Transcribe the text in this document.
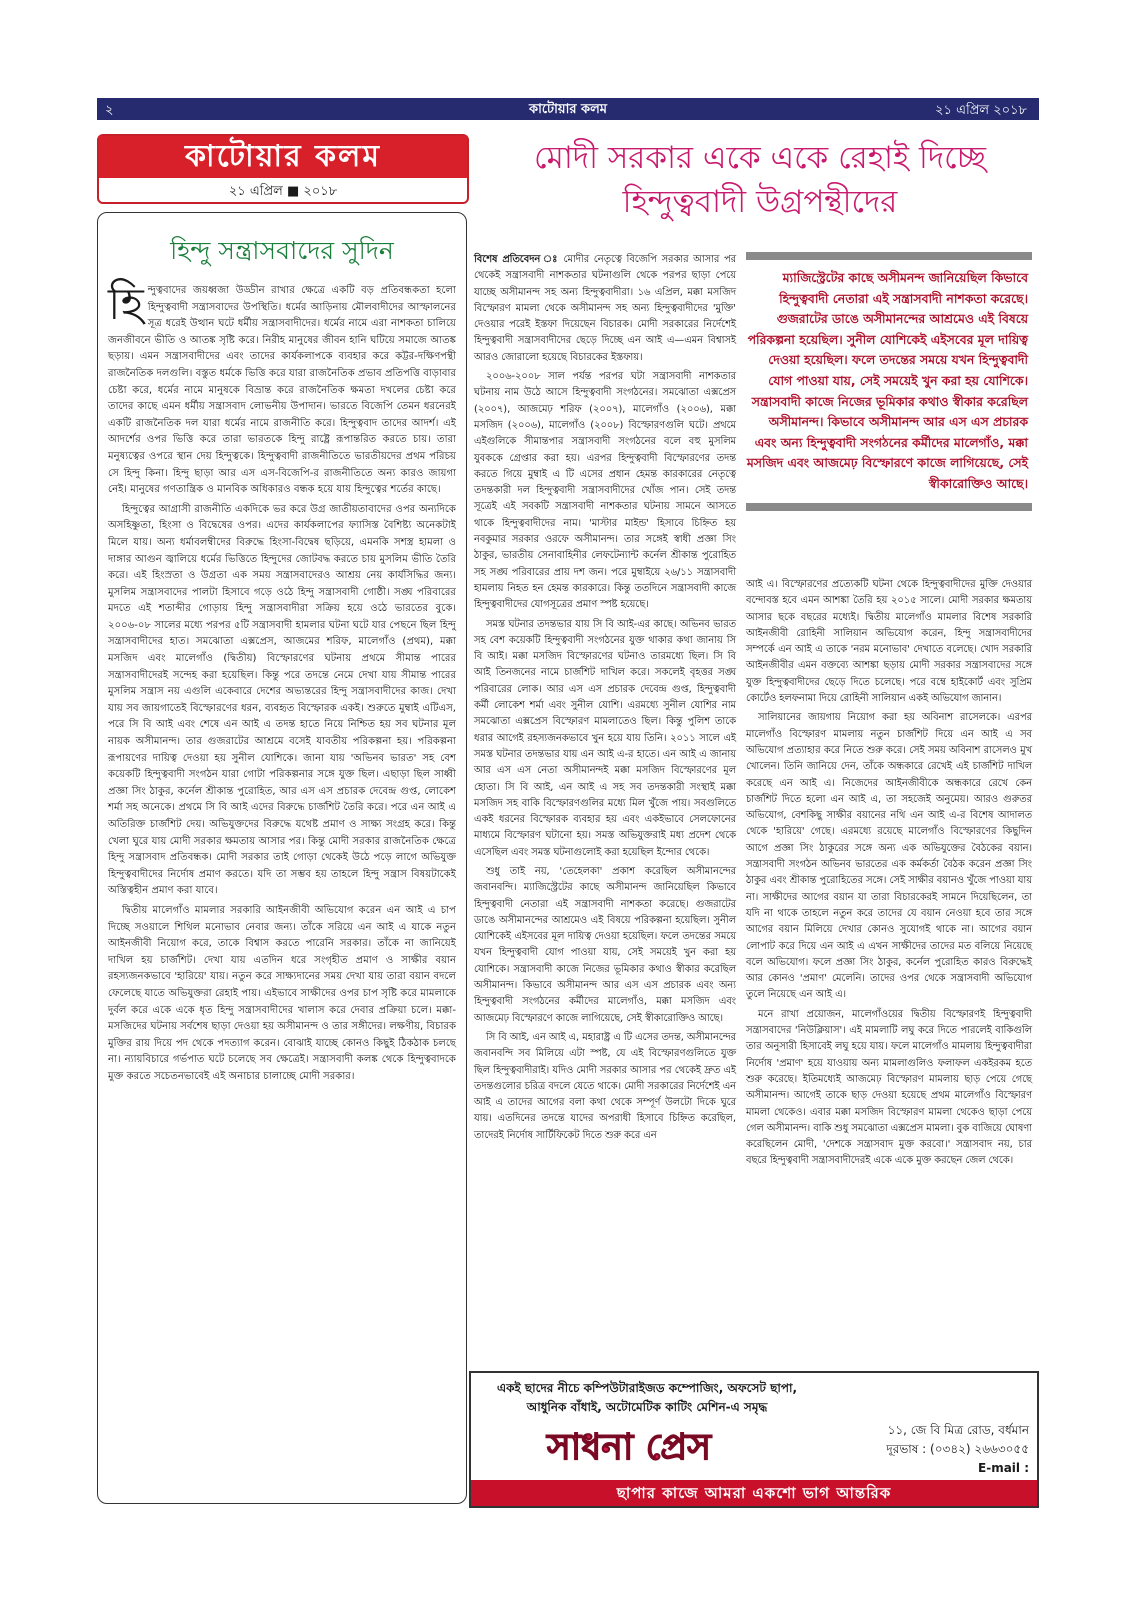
২	কাটোয়ার কলম	২১ এপ্রিল ২০১৮
কাটোয়ার কলম
২১ এপ্রিল ■ ২০১৮
হিন্দু সন্ত্রাসবাদের সুদিন

হিন্দুত্ববাদের জয়ধ্বজা উড্ডীন রাখার ক্ষেত্রে একটি বড় প্রতিবন্ধকতা হলো হিন্দুত্ববাদী সন্ত্রাসবাদের উপস্থিতি। ধর্মের আড়িনায় মৌলবাদীদের আস্ফালনের সূত্র ধরেই উত্থান ঘটে ধর্মীয় সন্ত্রাসবাদীদের। ধর্মের নামে এরা নাশকতা চালিয়ে জনজীবনে ভীতি ও আতঙ্ক সৃষ্টি করে। নিরীহ মানুষের জীবন হানি ঘটিয়ে সমাজে আতঙ্ক ছড়ায়। এমন সন্ত্রাসবাদীদের এবং তাদের কার্যকলাপকে ব্যবহার করে কট্টর-দক্ষিণপন্থী রাজনৈতিক দলগুলি। বস্তুত ধর্মকে ভিত্তি করে যারা রাজনৈতিক প্রভাব প্রতিপত্তি বাড়াবার চেষ্টা করে, ধর্মের নামে মানুষকে বিভ্রান্ত করে রাজনৈতিক ক্ষমতা দখলের চেষ্টা করে তাদের কাছে এমন ধর্মীয় সন্ত্রাসবাদ লোভনীয় উপাদান। ভারতে বিজেপি তেমন ধরনেরই একটি রাজনৈতিক দল যারা ধর্মের নামে রাজনীতি করে। হিন্দুত্ববাদ তাদের আদর্শ। এই আদর্শের ওপর ভিত্তি করে তারা ভারতকে হিন্দু রাষ্ট্রে রূপান্তরিত করতে চায়। তারা মনুষ্যত্বের ওপরে স্থান দেয় হিন্দুত্বকে। হিন্দুত্ববাদী রাজনীতিতে ভারতীয়দের প্রথম পরিচয় সে হিন্দু কিনা। হিন্দু ছাড়া আর এস এস-বিজেপি-র রাজনীতিতে অন্য কারও জায়গা নেই। মানুষের গণতান্ত্রিক ও মানবিক অধিকারও বন্ধক হয়ে যায় হিন্দুত্বের শর্তের কাছে।

হিন্দুত্বের আগ্রাসী রাজনীতি একদিকে ভর করে উগ্র জাতীয়তাবাদের ওপর অন্যদিকে অসহিষ্ণুতা, হিংসা ও বিদ্বেষের ওপর। এদের কার্যকলাপের ফ্যাসিস্ত বৈশিষ্ট্য অনেকটাই মিলে যায়। অন্য ধর্মাবলম্বীদের বিরুদ্ধে হিংসা-বিদ্বেষ ছড়িয়ে, এমনকি সশস্ত্র হামলা ও দাঙ্গার আগুন জ্বালিয়ে ধর্মের ভিত্তিতে হিন্দুদের জোটবদ্ধ করতে চায় মুসলিম ভীতি তৈরি করে। এই হিংস্রতা ও উগ্রতা এক সময় সন্ত্রাসবাদেরও আশ্রয় নেয় কার্যসিদ্ধির জন্য। মুসলিম সন্ত্রাসবাদের পালটা হিসাবে গড়ে ওঠে হিন্দু সন্ত্রাসবাদী গোষ্ঠী। সঙ্ঘ পরিবারের মদতে এই শতাব্দীর গোড়ায় হিন্দু সন্ত্রাসবাদীরা সক্রিয় হয়ে ওঠে ভারতের বুকে। ২০০৬-০৮ সালের মধ্যে পরপর ৫টি সন্ত্রাসবাদী হামলার ঘটনা ঘটে যার পেছনে ছিল হিন্দু সন্ত্রাসবাদীদের হাত। সমঝোতা এক্সপ্রেস, আজমের শরিফ, মালেগাঁও (প্রথম), মক্কা মসজিদ এবং মালেগাঁও (দ্বিতীয়) বিস্ফোরণের ঘটনায় প্রথমে সীমান্ত পারের সন্ত্রাসবাদীদেরই সন্দেহ করা হয়েছিল। কিন্তু পরে তদন্তে নেমে দেখা যায় সীমান্ত পারের মুসলিম সন্ত্রাস নয় এগুলি একেবারে দেশের অভ্যন্তরের হিন্দু সন্ত্রাসবাদীদের কাজ। দেখা যায় সব জায়গাতেই বিস্ফোরণের ধরন, ব্যবহৃত বিস্ফোরক একই। শুরুতে মুম্বাই এটিএস, পরে সি বি আই এবং শেষে এন আই এ তদন্ত হাতে নিয়ে নিশ্চিত হয় সব ঘটনার মূল নায়ক অসীমানন্দ। তার গুজরাটের আশ্রমে বসেই যাবতীয় পরিকল্পনা হয়। পরিকল্পনা রূপায়ণের দায়িত্ব দেওয়া হয় সুনীল যোশিকে। জানা যায় 'অভিনব ভারত' সহ বেশ কয়েকটি হিন্দুত্ববাদী সংগঠন যারা গোটা পরিকল্পনার সঙ্গে যুক্ত ছিল। এছাড়া ছিল সাধ্বী প্রজ্ঞা সিং ঠাকুর, কর্নেল শ্রীকান্ত পুরোহিত, আর এস এস প্রচারক দেবেন্দ্র গুপ্ত, লোকেশ শর্মা সহ অনেকে। প্রথমে সি বি আই এদের বিরুদ্ধে চার্জশিট তৈরি করে। পরে এন আই এ অতিরিক্ত চার্জশিট দেয়। অভিযুক্তদের বিরুদ্ধে যথেষ্ট প্রমাণ ও সাক্ষ্য সংগ্রহ করে। কিন্তু খেলা ঘুরে যায় মোদী সরকার ক্ষমতায় আসার পর। কিন্তু মোদী সরকার রাজনৈতিক ক্ষেত্রে হিন্দু সন্ত্রাসবাদ প্রতিবন্ধক। মোদী সরকার তাই গোড়া থেকেই উঠে পড়ে লাগে অভিযুক্ত হিন্দুত্ববাদীদের নির্দোষ প্রমাণ করতে। যদি তা সম্ভব হয় তাহলে হিন্দু সন্ত্রাস বিষয়টাকেই অস্তিত্বহীন প্রমাণ করা যাবে।

দ্বিতীয় মালেগাঁও মামলার সরকারি আইনজীবী অভিযোগ করেন এন আই এ চাপ দিচ্ছে সওয়ালে শিথিল মনোভাব নেবার জন্য। তাঁকে সরিয়ে এন আই এ যাকে নতুন আইনজীবী নিয়োগ করে, তাকে বিশ্বাস করতে পারেনি সরকার। তাঁকে না জানিয়েই দাখিল হয় চার্জশিট। দেখা যায় এতদিন ধরে সংগৃহীত প্রমাণ ও সাক্ষীর বয়ান রহস্যজনকভাবে 'হারিয়ে' যায়। নতুন করে সাক্ষ্যদানের সময় দেখা যায় তারা বয়ান বদলে ফেলেছে যাতে অভিযুক্তরা রেহাই পায়। এইভাবে সাক্ষীদের ওপর চাপ সৃষ্টি করে মামলাকে দুর্বল করে একে একে ধৃত হিন্দু সন্ত্রাসবাদীদের খালাস করে দেবার প্রক্রিয়া চলে। মক্কা-মসজিদের ঘটনায় সর্বশেষ ছাড়া দেওয়া হয় অসীমানন্দ ও তার সঙ্গীদের। লক্ষণীয়, বিচারক মুক্তির রায় দিয়ে পদ থেকে পদত্যাগ করেন। বোঝাই যাচ্ছে কোনও কিছুই ঠিকঠাক চলছে না। ন্যায়বিচারে গর্ভপাত ঘটে চলেছে সব ক্ষেত্রেই। সন্ত্রাসবাদী কলঙ্ক থেকে হিন্দুত্ববাদকে মুক্ত করতে সচেতনভাবেই এই অনাচার চালাচ্ছে মোদী সরকার।

মোদী সরকার একে একে রেহাই দিচ্ছে
হিন্দুত্ববাদী উগ্রপন্থীদের

বিশেষ প্রতিবেদন ঃ মোদীর নেতৃত্বে বিজেপি সরকার আসার পর থেকেই সন্ত্রাসবাদী নাশকতার ঘটনাগুলি থেকে পরপর ছাড়া পেয়ে যাচ্ছে অসীমানন্দ সহ অন্য হিন্দুত্ববাদীরা। ১৬ এপ্রিল, মক্কা মসজিদ বিস্ফোরণ মামলা থেকে অসীমানন্দ সহ অন্য হিন্দুত্ববাদীদের 'মুক্তি' দেওয়ার পরেই ইস্তফা দিয়েছেন বিচারক। মোদী সরকারের নির্দেশেই হিন্দুত্ববাদী সন্ত্রাসবাদীদের ছেড়ে দিচ্ছে এন আই এ—এমন বিশ্বাসই আরও জোরালো হয়েছে বিচারকের ইস্তফায়।

২০০৬-২০০৮ সাল পর্যন্ত পরপর ঘটা সন্ত্রাসবাদী নাশকতার ঘটনায় নাম উঠে আসে হিন্দুত্ববাদী সংগঠনের। সমঝোতা এক্সপ্রেস (২০০৭), আজমেঢ় শরিফ (২০০৭), মালেগাঁও (২০০৬), মক্কা মসজিদ (২০০৬), মালেগাঁও (২০০৮) বিস্ফোরণগুলি ঘটে। প্রথমে এইগুলিকে সীমান্তপার সন্ত্রাসবাদী সংগঠনের বলে বহু মুসলিম যুবককে গ্রেপ্তার করা হয়। এরপর হিন্দুত্ববাদী বিস্ফোরণের তদন্ত করতে গিয়ে মুম্বাই এ টি এসের প্রধান হেমন্ত কারকারের নেতৃত্বে তদন্তকারী দল হিন্দুত্ববাদী সন্ত্রাসবাদীদের খোঁজ পান। সেই তদন্ত সূত্রেই এই সবকটি সন্ত্রাসবাদী নাশকতার ঘটনায় সামনে আসতে থাকে হিন্দুত্ববাদীদের নাম। 'মাস্টার মাইন্ড' হিসাবে চিহ্নিত হয় নবকুমার সরকার ওরফে অসীমানন্দ। তার সঙ্গেই স্বাধী প্রজ্ঞা সিং ঠাকুর, ভারতীয় সেনাবাহিনীর লেফটেন্যান্ট কর্নেল শ্রীকান্ত পুরোহিত সহ সঙ্ঘ পরিবারের প্রায় দশ জন। পরে মুম্বাইয়ে ২৬/১১ সন্ত্রাসবাদী হামলায় নিহত হন হেমন্ত কারকারে। কিন্তু ততদিনে সন্ত্রাসবাদী কাজে হিন্দুত্ববাদীদের যোগসূত্রের প্রমাণ স্পষ্ট হয়েছে।

সমস্ত ঘটনার তদন্তভার যায় সি বি আই-এর কাছে। অভিনব ভারত সহ বেশ কয়েকটি হিন্দুত্ববাদী সংগঠনের যুক্ত থাকার কথা জানায় সি বি আই। মক্কা মসজিদ বিস্ফোরণের ঘটনাও তারমধ্যে ছিল। সি বি আই তিনজনের নামে চার্জশিট দাখিল করে। সকলেই বৃহত্তর সঙ্ঘ পরিবারের লোক। আর এস এস প্রচারক দেবেন্দ্র গুপ্ত, হিন্দুত্ববাদী কর্মী লোকেশ শর্মা এবং সুনীল যোশি। এরমধ্যে সুনীল যোশির নাম সমঝোতা এক্সপ্রেস বিস্ফোরণ মামলাতেও ছিল। কিন্তু পুলিশ তাকে ধরার আগেই রহস্যজনকভাবে খুন হয়ে যায় তিনি। ২০১১ সালে এই সমস্ত ঘটনার তদন্তভার যায় এন আই এ-র হাতে। এন আই এ জানায় আর এস এস নেতা অসীমানন্দই মক্কা মসজিদ বিস্ফোরণের মূল হোতা। সি বি আই, এন আই এ সহ সব তদন্তকারী সংস্থাই মক্কা মসজিদ সহ বাকি বিস্ফোরণগুলির মধ্যে মিল খুঁজে পায়। সবগুলিতে একই ধরনের বিস্ফোরক ব্যবহার হয় এবং একইভাবে সেলফোনের মাধ্যমে বিস্ফোরণ ঘটানো হয়। সমস্ত অভিযুক্তরাই মধ্য প্রদেশ থেকে এসেছিল এবং সমস্ত ঘটনাগুলোই করা হয়েছিল ইন্দোর থেকে।

শুধু তাই নয়, 'তেহেলকা' প্রকাশ করেছিল অসীমানন্দের জবানবন্দি। ম্যাজিস্ট্রেটের কাছে অসীমানন্দ জানিয়েছিল কিভাবে হিন্দুত্ববাদী নেতারা এই সন্ত্রাসবাদী নাশকতা করেছে। গুজরাটের ডাঙে অসীমানন্দের আশ্রমেও এই বিষয়ে পরিকল্পনা হয়েছিল। সুনীল যোশিকেই এইসবের মূল দায়িত্ব দেওয়া হয়েছিল। ফলে তদন্তের সময়ে যখন হিন্দুত্ববাদী যোগ পাওয়া যায়, সেই সময়েই খুন করা হয় যোশিকে। সন্ত্রাসবাদী কাজে নিজের ভূমিকার কথাও স্বীকার করেছিল অসীমানন্দ। কিভাবে অসীমানন্দ আর এস এস প্রচারক এবং অন্য হিন্দুত্ববাদী সংগঠনের কর্মীদের মালেগাঁও, মক্কা মসজিদ এবং আজমেঢ় বিস্ফোরণে কাজে লাগিয়েছে, সেই স্বীকারোক্তিও আছে।

সি বি আই, এন আই এ, মহারাষ্ট্র এ টি এসের তদন্ত, অসীমানন্দের জবানবন্দি সব মিলিয়ে এটা স্পষ্ট, যে এই বিস্ফোরণগুলিতে যুক্ত ছিল হিন্দুত্ববাদীরাই। যদিও মোদী সরকার আসার পর থেকেই দ্রুত এই তদন্তগুলোর চরিত্র বদলে যেতে থাকে। মোদী সরকারের নির্দেশেই এন আই এ তাদের আগের বলা কথা থেকে সম্পূর্ণ উলটো দিকে ঘুরে যায়। এতদিনের তদন্তে যাদের অপরাধী হিসাবে চিহ্নিত করেছিল, তাদেরই নির্দোষ সার্টিফিকেট দিতে শুরু করে এন

ম্যাজিস্ট্রেটের কাছে অসীমনন্দ জানিয়েছিল কিভাবে হিন্দুত্ববাদী নেতারা এই সন্ত্রাসবাদী নাশকতা করেছে। গুজরাটের ডাঙে অসীমানন্দের আশ্রমেও এই বিষয়ে পরিকল্পনা হয়েছিল। সুনীল যোশিকেই এইসবের মূল দায়িত্ব দেওয়া হয়েছিল। ফলে তদন্তের সময়ে যখন হিন্দুত্ববাদী যোগ পাওয়া যায়, সেই সময়েই খুন করা হয় যোশিকে। সন্ত্রাসবাদী কাজে নিজের ভূমিকার কথাও স্বীকার করেছিল অসীমানন্দ। কিভাবে অসীমানন্দ আর এস এস প্রচারক এবং অন্য হিন্দুত্ববাদী সংগঠনের কর্মীদের মালেগাঁও, মক্কা মসজিদ এবং আজমেঢ় বিস্ফোরণে কাজে লাগিয়েছে, সেই স্বীকারোক্তিও আছে।

আই এ। বিস্ফোরণের প্রত্যেকটি ঘটনা থেকে হিন্দুত্ববাদীদের মুক্তি দেওয়ার বন্দোবস্ত হবে এমন আশঙ্কা তৈরি হয় ২০১৫ সালে। মোদী সরকার ক্ষমতায় আসার ছকে বছরের মধ্যেই। দ্বিতীয় মালেগাঁও মামলার বিশেষ সরকারি আইনজীবী রোহিনী সালিয়ান অভিযোগ করেন, হিন্দু সন্ত্রাসবাদীদের সম্পর্কে এন আই এ তাকে 'নরম মনোভাব' দেখাতে বলেছে। খোদ সরকারি আইনজীবীর এমন বক্তব্যে আশঙ্কা ছড়ায় মোদী সরকার সন্ত্রাসবাদের সঙ্গে যুক্ত হিন্দুত্ববাদীদের ছেড়ে দিতে চলেছে। পরে বম্বে হাইকোর্ট এবং সুপ্রিম কোর্টেও হলফনামা দিয়ে রোহিনী সালিয়ান একই অভিযোগ জানান।

সালিয়ানের জায়গায় নিয়োগ করা হয় অবিনাশ রাসেলকে। এরপর মালেগাঁও বিস্ফোরণ মামলায় নতুন চার্জশিট দিয়ে এন আই এ সব অভিযোগ প্রত্যাহার করে নিতে শুরু করে। সেই সময় অবিনাশ রাসেলও মুখ খোলেন। তিনি জানিয়ে দেন, তাঁকে অন্ধকারে রেখেই এই চার্জশিট দাখিল করেছে এন আই এ। নিজেদের আইনজীবীকে অন্ধকারে রেখে কেন চার্জশিট দিতে হলো এন আই এ, তা সহজেই অনুমেয়। আরও গুরুতর অভিযোগ, বেশকিছু সাক্ষীর বয়ানের নথি এন আই এ-র বিশেষ আদালত থেকে 'হারিয়ে' গেছে। এরমধ্যে রয়েছে মালেগাঁও বিস্ফোরণের কিছুদিন আগে প্রজ্ঞা সিং ঠাকুরের সঙ্গে অন্য এক অভিযুক্তের বৈঠকের বয়ান। সন্ত্রাসবাদী সংগঠন অভিনব ভারতের এক কর্মকর্তা বৈঠক করেন প্রজ্ঞা সিং ঠাকুর এবং শ্রীকান্ত পুরোহিতের সঙ্গে। সেই সাক্ষীর বয়ানও খুঁজে পাওয়া যায় না। সাক্ষীদের আগের বয়ান যা তারা বিচারকেরই সামনে দিয়েছিলেন, তা যদি না থাকে তাহলে নতুন করে তাদের যে বয়ান নেওয়া হবে তার সঙ্গে আগের বয়ান মিলিয়ে দেখার কোনও সুযোগই থাকে না। আগের বয়ান লোপাট করে দিয়ে এন আই এ এখন সাক্ষীদের তাদের মত বলিয়ে নিয়েছে বলে অভিযোগ। ফলে প্রজ্ঞা সিং ঠাকুর, কর্নেল পুরোহিত কারও বিরুদ্ধেই আর কোনও 'প্রমাণ' মেলেনি। তাদের ওপর থেকে সন্ত্রাসবাদী অভিযোগ তুলে নিয়েছে এন আই এ।

মনে রাখা প্রয়োজন, মালেগাঁওয়ের দ্বিতীয় বিস্ফোরণই হিন্দুত্ববাদী সন্ত্রাসবাদের 'নিউক্লিয়াস'। এই মামলাটি লঘু করে দিতে পারলেই বাকিগুলি তার অনুসারী হিসাবেই লঘু হয়ে যায়। ফলে মালেগাঁও মামলায় হিন্দুত্ববাদীরা নির্দোষ 'প্রমাণ' হয়ে যাওয়ায় অন্য মামলাগুলিও ফলাফল একইরকম হতে শুরু করেছে। ইতিমধ্যেই আজমেঢ় বিস্ফোরণ মামলায় ছাড় পেয়ে গেছে অসীমানন্দ। আগেই তাকে ছাড় দেওয়া হয়েছে প্রথম মালেগাঁও বিস্ফোরণ মামলা থেকেও। এবার মক্কা মসজিদ বিস্ফোরণ মামলা থেকেও ছাড়া পেয়ে গেল অসীমানন্দ। বাকি শুধু সমঝোতা এক্সপ্রেস মামলা। বুক বাজিয়ে ঘোষণা করেছিলেন মোদী, 'দেশকে সন্ত্রাসবাদ মুক্ত করবো।' সন্ত্রাসবাদ নয়, চার বছরে হিন্দুত্ববাদী সন্ত্রাসবাদীদেরই একে একে মুক্ত করছেন জেল থেকে।

একই ছাদের নীচে কম্পিউটারাইজড কম্পোজিং, অফসেট ছাপা,
আধুনিক বাঁধাই, অটোমেটিক কাটিং মেশিন-এ সমৃদ্ধ
সাধনা প্রেস	১১, জে বি মিত্র রোড, বর্ধমান
দূরভাষ : (০৩৪২) ২৬৬৩০৫৫
E-mail :
ছাপার কাজে আমরা একশো ভাগ আন্তরিক
